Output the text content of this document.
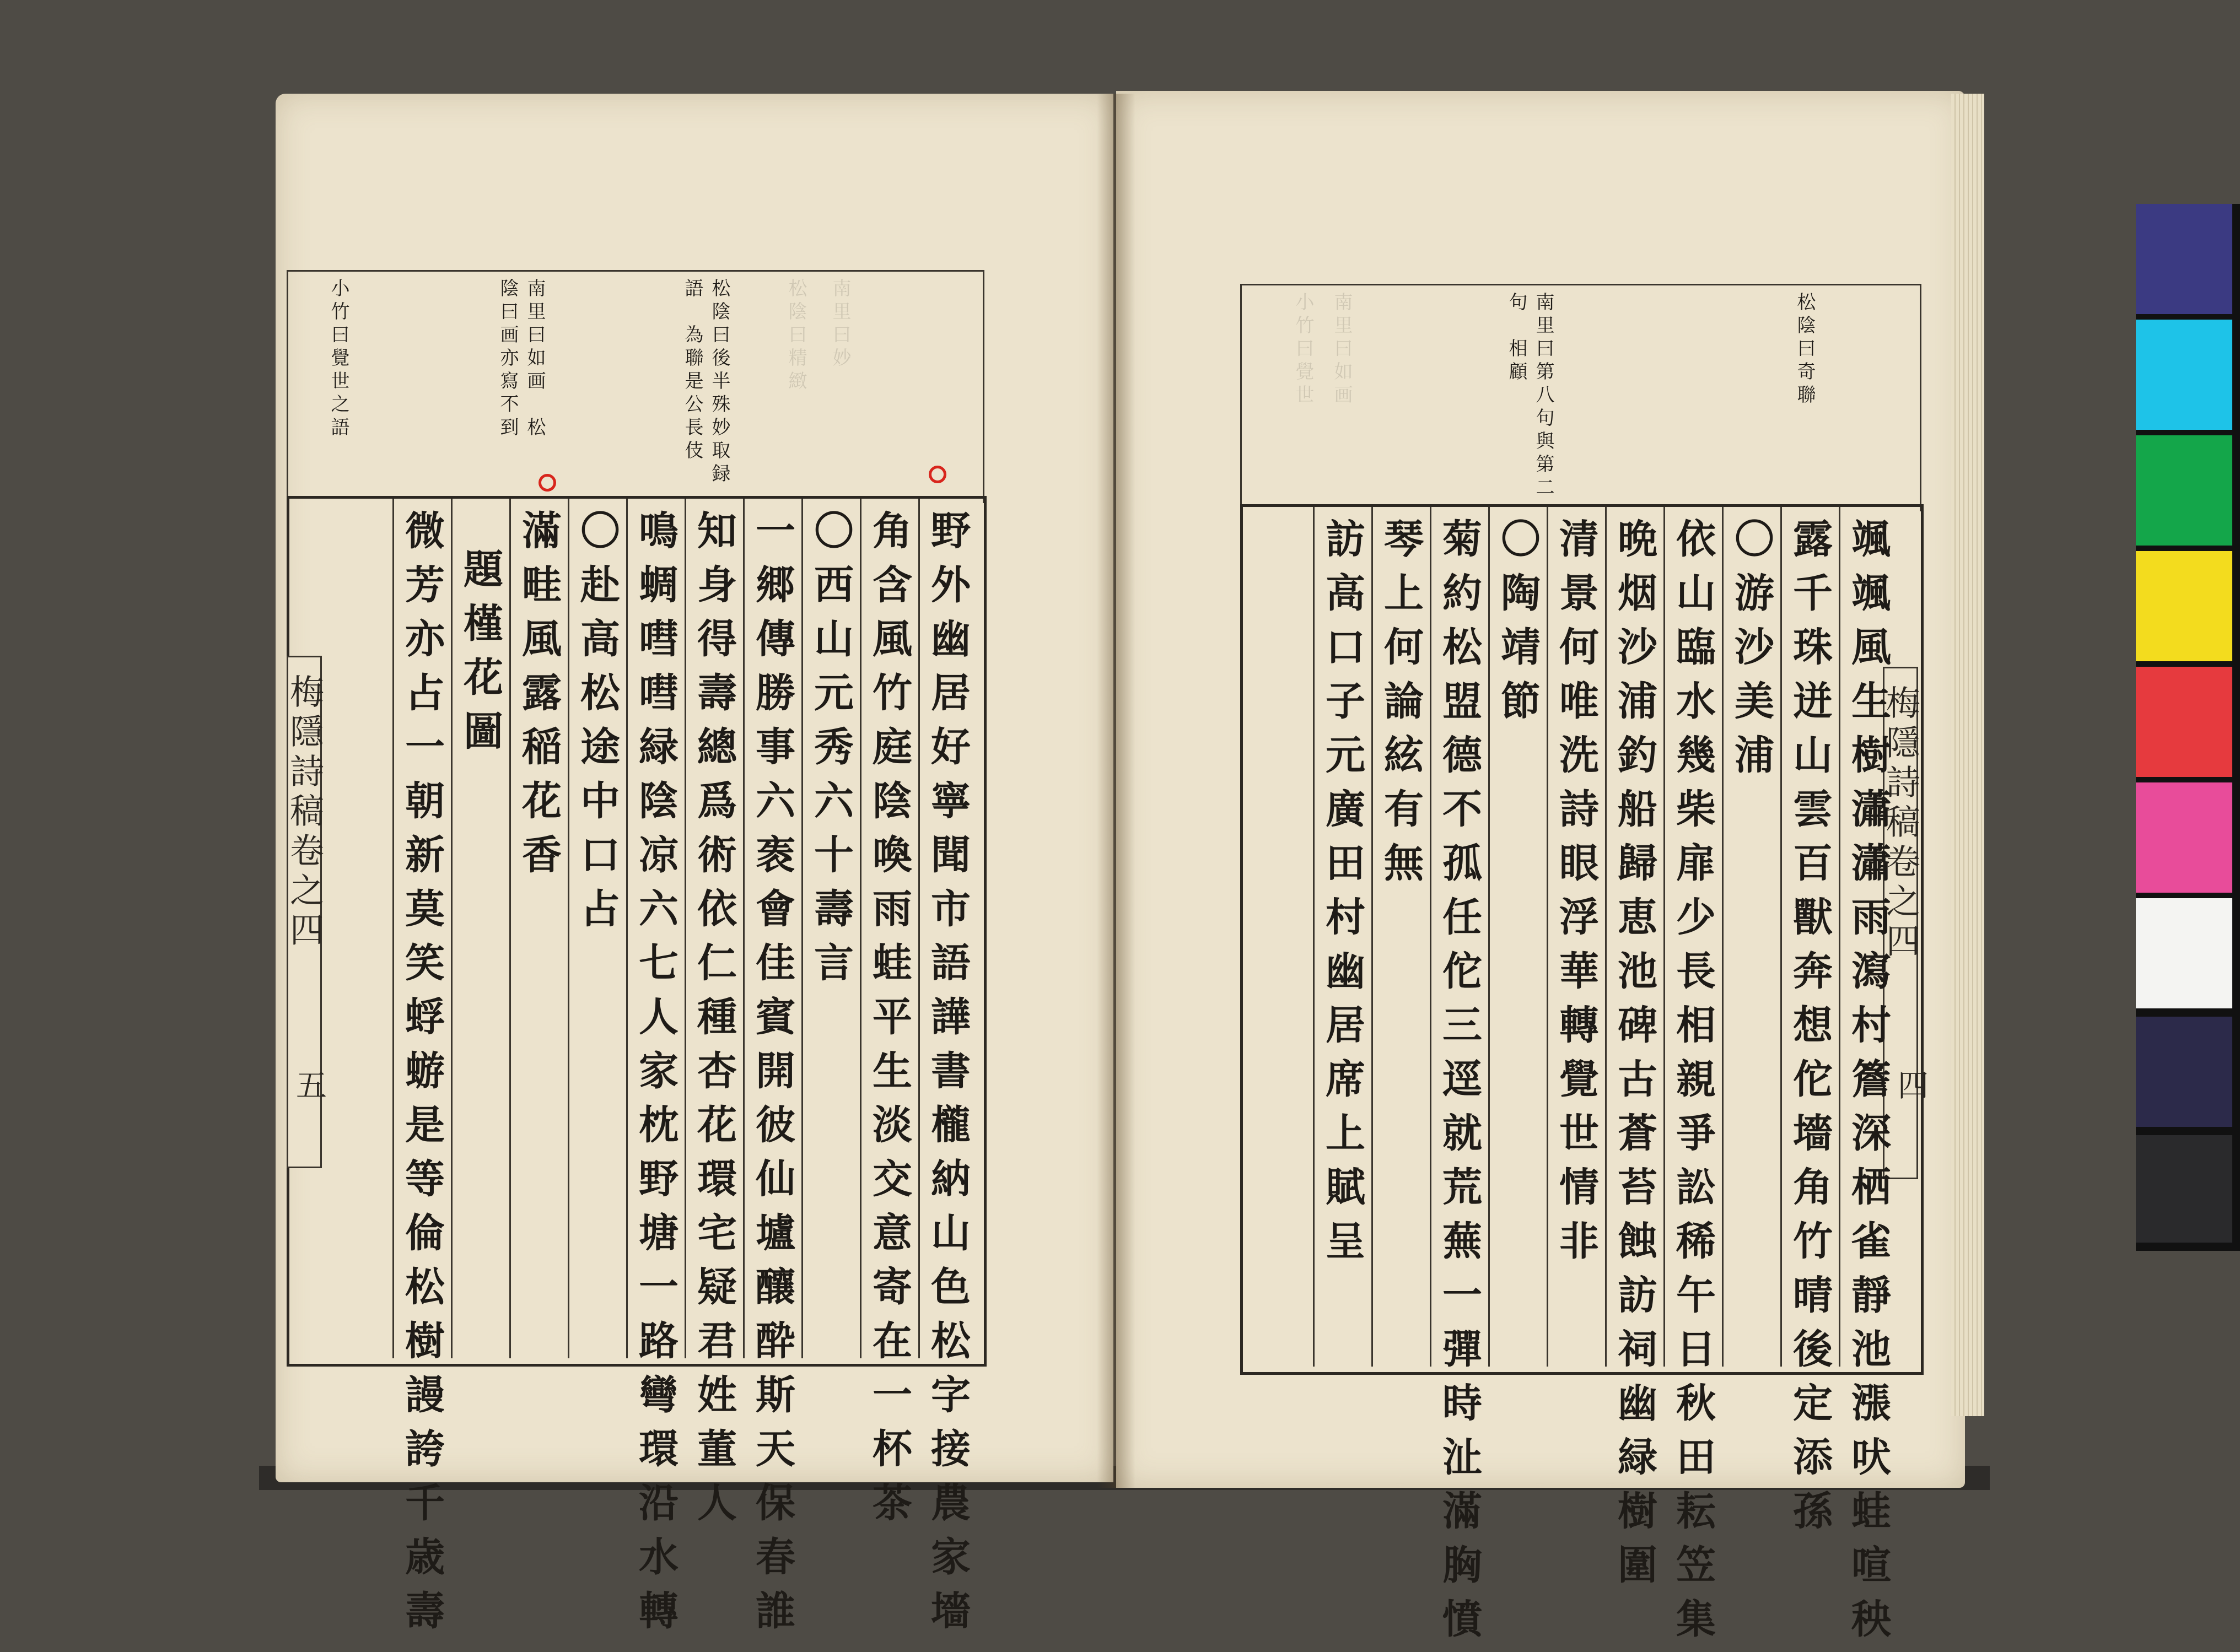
小竹曰覺世之語	南里曰如画　松陰曰画亦寫不到	松陰曰後半殊妙取録語　為聯是公長伎	松陰曰精緻 南里曰妙
梅隱詩稿卷之四
五	野外幽居好寧聞市語譁書櫳納山色松字接農家墻
角含風竹庭陰喚雨蛙平生淡交意寄在一杯茶
〇西山元秀六十壽言
一郷傳勝事六袠會佳賓開彼仙壚釀酔斯天保春誰
知身得壽總爲術依仁種杏花環宅疑君姓董人
鳴蜩嘒嘒緑陰凉六七人家枕野塘一路彎環沿水轉
〇赴高松途中口占
滿畦風露稲花香
題槿花圖
微芳亦占一朝新莫笑蜉蝣是等倫松樹謾誇千歳壽
松陰曰奇聯
南里曰第八句與第二句　相顧
小竹曰覺世 南里曰如画
梅隱詩稿卷之四
四
颯颯風生樹瀟瀟雨瀉村簷深栖雀靜池漲吠蛙喧秧
露千珠迸山雲百獸奔想佗墻角竹晴後定添孫
〇游沙美浦
依山臨水幾柴扉少長相親爭訟稀午日秋田耘笠集
晩烟沙浦釣船歸恵池碑古蒼苔蝕訪祠幽緑樹圍
清景何唯洗詩眼浮華轉覺世情非
〇陶靖節
菊約松盟德不孤任佗三逕就荒蕪一彈時沚滿胸憤
琴上何論絃有無
訪高口子元廣田村幽居席上賦呈
